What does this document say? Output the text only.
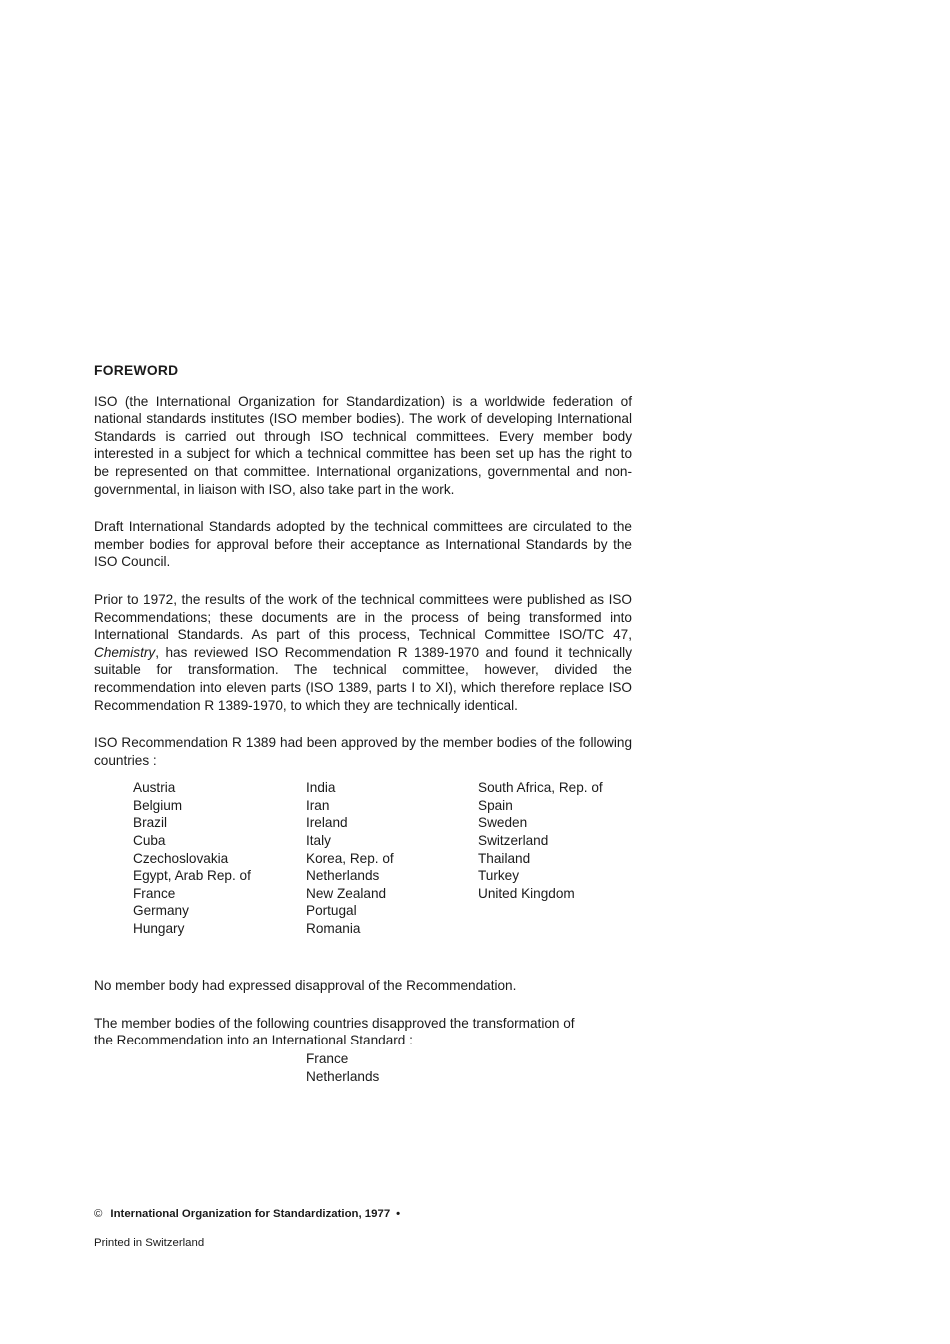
FOREWORD

ISO (the International Organization for Standardization) is a worldwide federation of national standards institutes (ISO member bodies). The work of developing International Standards is carried out through ISO technical committees. Every member body interested in a subject for which a technical committee has been set up has the right to be represented on that committee. International organizations, governmental and non-governmental, in liaison with ISO, also take part in the work.

Draft International Standards adopted by the technical committees are circulated to the member bodies for approval before their acceptance as International Standards by the ISO Council.

Prior to 1972, the results of the work of the technical committees were published as ISO Recommendations; these documents are in the process of being transformed into International Standards. As part of this process, Technical Committee ISO/TC 47, Chemistry, has reviewed ISO Recommendation R 1389-1970 and found it technically suitable for transformation. The technical committee, however, divided the recommendation into eleven parts (ISO 1389, parts I to XI), which therefore replace ISO Recommendation R 1389-1970, to which they are technically identical.

ISO Recommendation R 1389 had been approved by the member bodies of the following countries :

Austria
Belgium
Brazil
Cuba
Czechoslovakia
Egypt, Arab Rep. of
France
Germany
Hungary
India
Iran
Ireland
Italy
Korea, Rep. of
Netherlands
New Zealand
Portugal
Romania
South Africa, Rep. of
Spain
Sweden
Switzerland
Thailand
Turkey
United Kingdom

No member body had expressed disapproval of the Recommendation.

The member bodies of the following countries disapproved the transformation of

the Recommendation into an International Standard :

France
Netherlands
© International Organization for Standardization, 1977 •
Printed in Switzerland
